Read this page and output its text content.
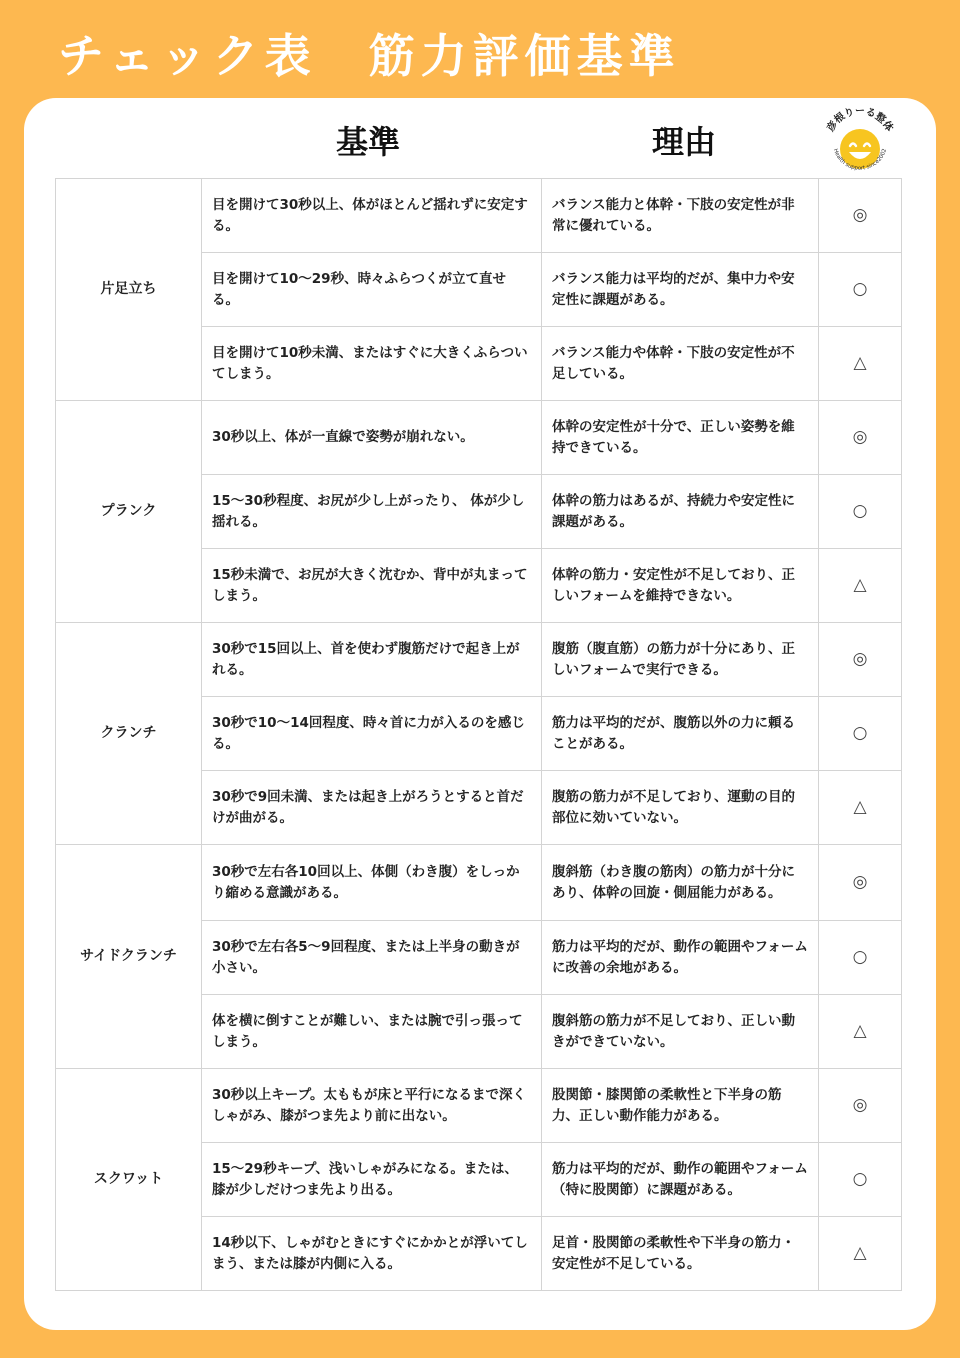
チェック表　筋力評価基準
基準	理由	彦根りーる整体
Health support since2002
片足立ち	目を開けて30秒以上、体がほとんど揺れずに安定する。	バランス能力と体幹・下肢の安定性が非常に優れている。	◎
	目を開けて10〜29秒、時々ふらつくが立て直せる。	バランス能力は平均的だが、集中力や安定性に課題がある。	○
	目を開けて10秒未満、またはすぐに大きくふらついてしまう。	バランス能力や体幹・下肢の安定性が不足している。	△
プランク	30秒以上、体が一直線で姿勢が崩れない。	体幹の安定性が十分で、正しい姿勢を維持できている。	◎
	15〜30秒程度、お尻が少し上がったり、 体が少し揺れる。	体幹の筋力はあるが、持続力や安定性に課題がある。	○
	15秒未満で、お尻が大きく沈むか、背中が丸まってしまう。	体幹の筋力・安定性が不足しており、正しいフォームを維持できない。	△
クランチ	30秒で15回以上、首を使わず腹筋だけで起き上がれる。	腹筋（腹直筋）の筋力が十分にあり、正しいフォームで実行できる。	◎
	30秒で10〜14回程度、時々首に力が入るのを感じる。	筋力は平均的だが、腹筋以外の力に頼ることがある。	○
	30秒で9回未満、または起き上がろうとすると首だけが曲がる。	腹筋の筋力が不足しており、運動の目的部位に効いていない。	△
サイドクランチ	30秒で左右各10回以上、体側（わき腹）をしっかり縮める意識がある。	腹斜筋（わき腹の筋肉）の筋力が十分にあり、体幹の回旋・側屈能力がある。	◎
	30秒で左右各5〜9回程度、または上半身の動きが小さい。	筋力は平均的だが、動作の範囲やフォームに改善の余地がある。	○
	体を横に倒すことが難しい、または腕で引っ張ってしまう。	腹斜筋の筋力が不足しており、正しい動きができていない。	△
スクワット	30秒以上キープ。太ももが床と平行になるまで深くしゃがみ、膝がつま先より前に出ない。	股関節・膝関節の柔軟性と下半身の筋力、正しい動作能力がある。	◎
	15〜29秒キープ、浅いしゃがみになる。または、膝が少しだけつま先より出る。	筋力は平均的だが、動作の範囲やフォーム（特に股関節）に課題がある。	○
	14秒以下、しゃがむときにすぐにかかとが浮いてしまう、または膝が内側に入る。	足首・股関節の柔軟性や下半身の筋力・安定性が不足している。	△
